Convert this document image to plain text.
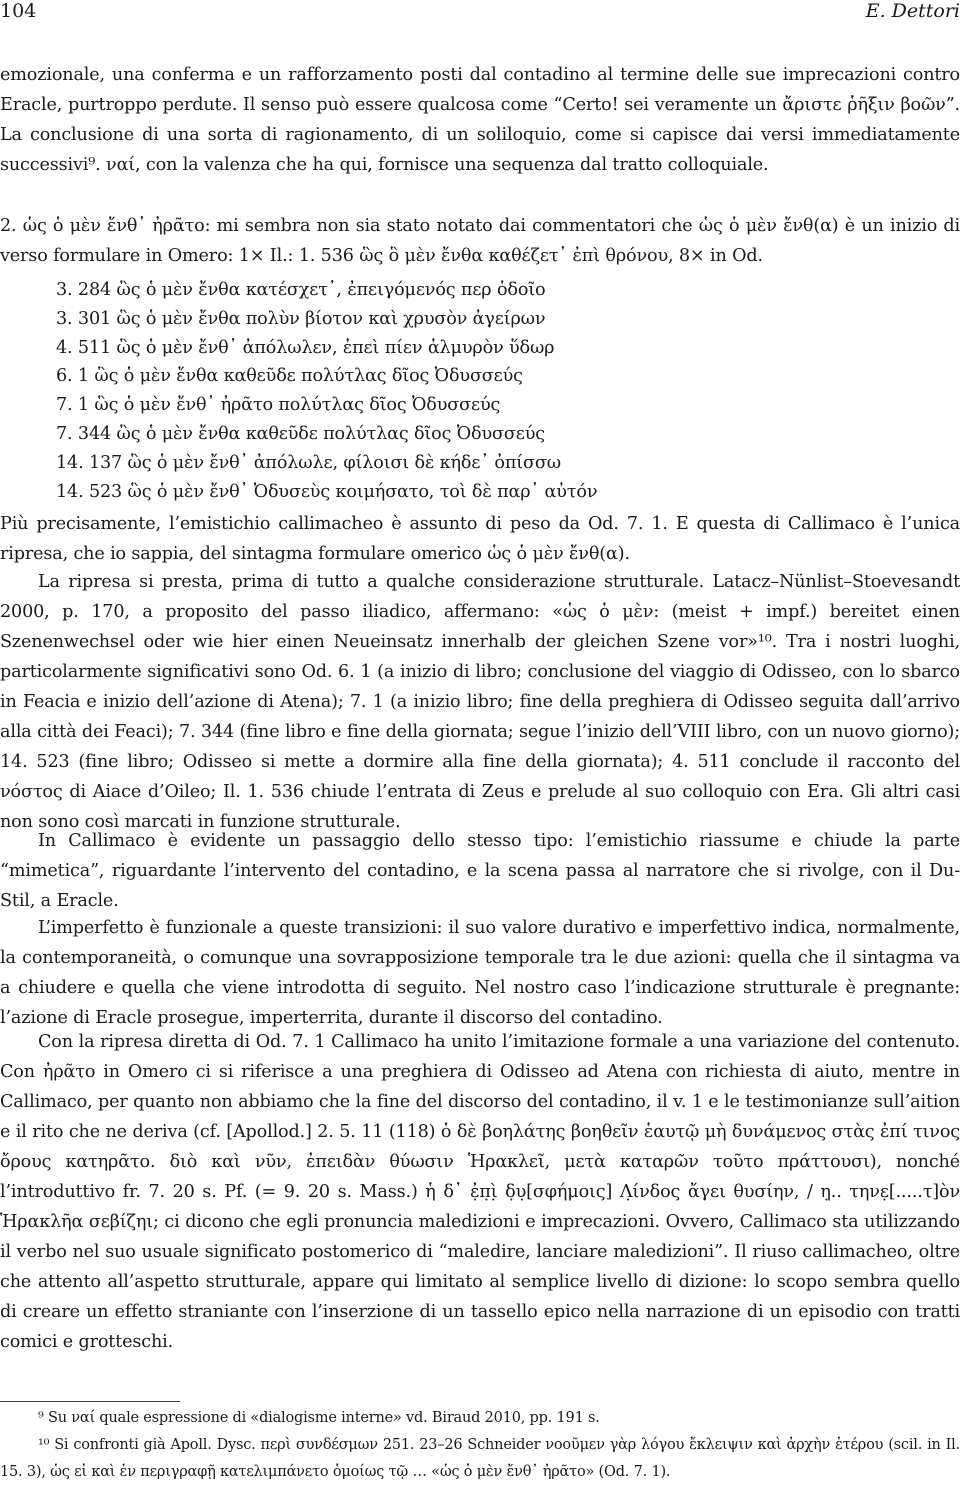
104	E. Dettori

emozionale, una conferma e un rafforzamento posti dal contadino al termine delle sue imprecazioni contro Eracle, purtroppo perdute. Il senso può essere qualcosa come “Certo! sei veramente un ἄριστε ῥῆξιν βοῶν”. La conclusione di una sorta di ragionamento, di un soliloquio, come si capisce dai versi immediatamente successivi⁹. ναί, con la valenza che ha qui, fornisce una sequenza dal tratto colloquiale.

2. ὡς ὁ μὲν ἔνθ᾽ ἠρᾶτο: mi sembra non sia stato notato dai commentatori che ὡς ὁ μὲν ἔνθ(α) è un inizio di verso formulare in Omero: 1× Il.: 1. 536 ὣς ὃ μὲν ἔνθα καθέζετ᾽ ἐπὶ θρόνου, 8× in Od.

3. 284 ὣς ὁ μὲν ἔνθα κατέσχετ᾽, ἐπειγόμενός περ ὁδοῖο
3. 301 ὣς ὁ μὲν ἔνθα πολὺν βίοτον καὶ χρυσὸν ἀγείρων
4. 511 ὣς ὁ μὲν ἔνθ᾽ ἀπόλωλεν, ἐπεὶ πίεν ἁλμυρὸν ὕδωρ
6. 1 ὣς ὁ μὲν ἔνθα καθεῦδε πολύτλας δῖος Ὀδυσσεύς
7. 1 ὣς ὁ μὲν ἔνθ᾽ ἠρᾶτο πολύτλας δῖος Ὀδυσσεύς
7. 344 ὣς ὁ μὲν ἔνθα καθεῦδε πολύτλας δῖος Ὀδυσσεύς
14. 137 ὣς ὁ μὲν ἔνθ᾽ ἀπόλωλε, φίλοισι δὲ κήδε᾽ ὀπίσσω
14. 523 ὣς ὁ μὲν ἔνθ᾽ Ὀδυσεὺς κοιμήσατο, τοὶ δὲ παρ᾽ αὐτόν

Più precisamente, l’emistichio callimacheo è assunto di peso da Od. 7. 1. E questa di Callimaco è l’unica ripresa, che io sappia, del sintagma formulare omerico ὡς ὁ μὲν ἔνθ(α).

La ripresa si presta, prima di tutto a qualche considerazione strutturale. Latacz–Nünlist–Stoevesandt 2000, p. 170, a proposito del passo iliadico, affermano: «ὡς ὁ μὲν: (meist + impf.) bereitet einen Szenenwechsel oder wie hier einen Neueinsatz innerhalb der gleichen Szene vor»¹⁰. Tra i nostri luoghi, particolarmente significativi sono Od. 6. 1 (a inizio di libro; conclusione del viaggio di Odisseo, con lo sbarco in Feacia e inizio dell’azione di Atena); 7. 1 (a inizio libro; fine della preghiera di Odisseo seguita dall’arrivo alla città dei Feaci); 7. 344 (fine libro e fine della giornata; segue l’inizio dell’VIII libro, con un nuovo giorno); 14. 523 (fine libro; Odisseo si mette a dormire alla fine della giornata); 4. 511 conclude il racconto del νόστος di Aiace d’Oileo; Il. 1. 536 chiude l’entrata di Zeus e prelude al suo colloquio con Era. Gli altri casi non sono così marcati in funzione strutturale.

In Callimaco è evidente un passaggio dello stesso tipo: l’emistichio riassume e chiude la parte “mimetica”, riguardante l’intervento del contadino, e la scena passa al narratore che si rivolge, con il Du-Stil, a Eracle.

L’imperfetto è funzionale a queste transizioni: il suo valore durativo e imperfettivo indica, normalmente, la contemporaneità, o comunque una sovrapposizione temporale tra le due azioni: quella che il sintagma va a chiudere e quella che viene introdotta di seguito. Nel nostro caso l’indicazione strutturale è pregnante: l’azione di Eracle prosegue, imperterrita, durante il discorso del contadino.

Con la ripresa diretta di Od. 7. 1 Callimaco ha unito l’imitazione formale a una variazione del contenuto. Con ἠρᾶτο in Omero ci si riferisce a una preghiera di Odisseo ad Atena con richiesta di aiuto, mentre in Callimaco, per quanto non abbiamo che la fine del discorso del contadino, il v. 1 e le testimonianze sull’aition e il rito che ne deriva (cf. [Apollod.] 2. 5. 11 (118) ὁ δὲ βοηλάτης βοηθεῖν ἑαυτῷ μὴ δυνάμενος στὰς ἐπί τινος ὄρους κατηρᾶτο. διὸ καὶ νῦν, ἐπειδὰν θύωσιν Ἡρακλεῖ, μετὰ καταρῶν τοῦτο πράττουσι), nonché l’introduttivo fr. 7. 20 s. Pf. (= 9. 20 s. Mass.) ἡ δ᾽ ἐ̣π̣ὶ̣ δ̣υ̣[σφήμοις] Λ̣ίνδος ἄγει θυσίην, / η̣.. τηνε̣[.....τ]ὸν Ἡρακλῆα σεβίζηι; ci dicono che egli pronuncia maledizioni e imprecazioni. Ovvero, Callimaco sta utilizzando il verbo nel suo usuale significato postomerico di “maledire, lanciare maledizioni”. Il riuso callimacheo, oltre che attento all’aspetto strutturale, appare qui limitato al semplice livello di dizione: lo scopo sembra quello di creare un effetto straniante con l’inserzione di un tassello epico nella narrazione di un episodio con tratti comici e grotteschi.

⁹ Su ναί quale espressione di «dialogisme interne» vd. Biraud 2010, pp. 191 s.
¹⁰ Si confronti già Apoll. Dysc. περὶ συνδέσμων 251. 23–26 Schneider νοοῦμεν γὰρ λόγου ἔκλειψιν καὶ ἀρχὴν ἑτέρου (scil. in Il. 15. 3), ὡς εἰ καὶ ἐν περιγραφῇ κατελιμπάνετο ὁμοίως τῷ … «ὡς ὁ μὲν ἔνθ᾽ ἠρᾶτο» (Od. 7. 1).
